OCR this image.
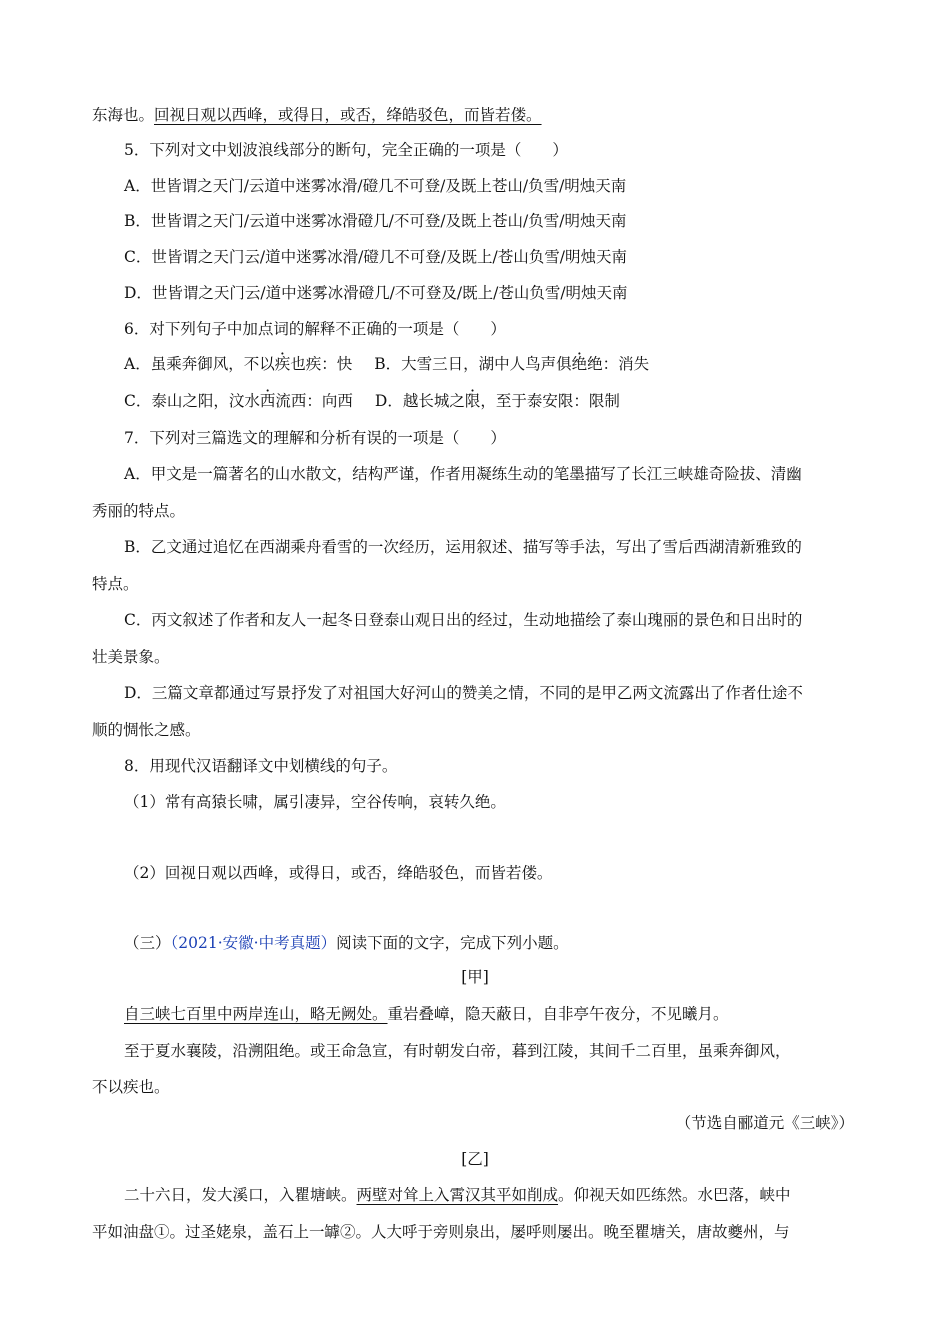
东海也。回视日观以西峰，或得日，或否，绛皓驳色，而皆若偻。
5．下列对文中划波浪线部分的断句，完全正确的一项是（　　）
A．世皆谓之天门/云道中迷雾冰滑/磴几不可登/及既上苍山/负雪/明烛天南
B．世皆谓之天门/云道中迷雾冰滑磴几/不可登/及既上苍山/负雪/明烛天南
C．世皆谓之天门云/道中迷雾冰滑/磴几不可登/及既上/苍山负雪/明烛天南
D．世皆谓之天门云/道中迷雾冰滑磴几/不可登及/既上/苍山负雪/明烛天南
6．对下列句子中加点词的解释不正确的一项是（　　）
A．虽乘奔御风，不以疾也疾：快 B．大雪三日，湖中人鸟声俱绝绝：消失
C．泰山之阳，汶水西流西：向西 D．越长城之限，至于泰安限：限制
7．下列对三篇选文的理解和分析有误的一项是（　　）
A．甲文是一篇著名的山水散文，结构严谨，作者用凝练生动的笔墨描写了长江三峡雄奇险拔、清幽
秀丽的特点。
B．乙文通过追忆在西湖乘舟看雪的一次经历，运用叙述、描写等手法，写出了雪后西湖清新雅致的
特点。
C．丙文叙述了作者和友人一起冬日登泰山观日出的经过，生动地描绘了泰山瑰丽的景色和日出时的
壮美景象。
D．三篇文章都通过写景抒发了对祖国大好河山的赞美之情，不同的是甲乙两文流露出了作者仕途不
顺的惆怅之感。
8．用现代汉语翻译文中划横线的句子。
（1）常有高猿长啸，属引凄异，空谷传响，哀转久绝。
（2）回视日观以西峰，或得日，或否，绛皓驳色，而皆若偻。
（三）（2021·安徽·中考真题）阅读下面的文字，完成下列小题。
[甲]
自三峡七百里中两岸连山，略无阙处。重岩叠嶂，隐天蔽日，自非亭午夜分，不见曦月。
至于夏水襄陵，沿溯阻绝。或王命急宣，有时朝发白帝，暮到江陵，其间千二百里，虽乘奔御风，
不以疾也。
（节选自郦道元《三峡》）
[乙]
二十六日，发大溪口，入瞿塘峡。两壁对耸上入霄汉其平如削成。仰视天如匹练然。水巴落，峡中
平如油盘①。过圣姥泉，盖石上一罅②。人大呼于旁则泉出，屡呼则屡出。晚至瞿塘关，唐故夔州，与
